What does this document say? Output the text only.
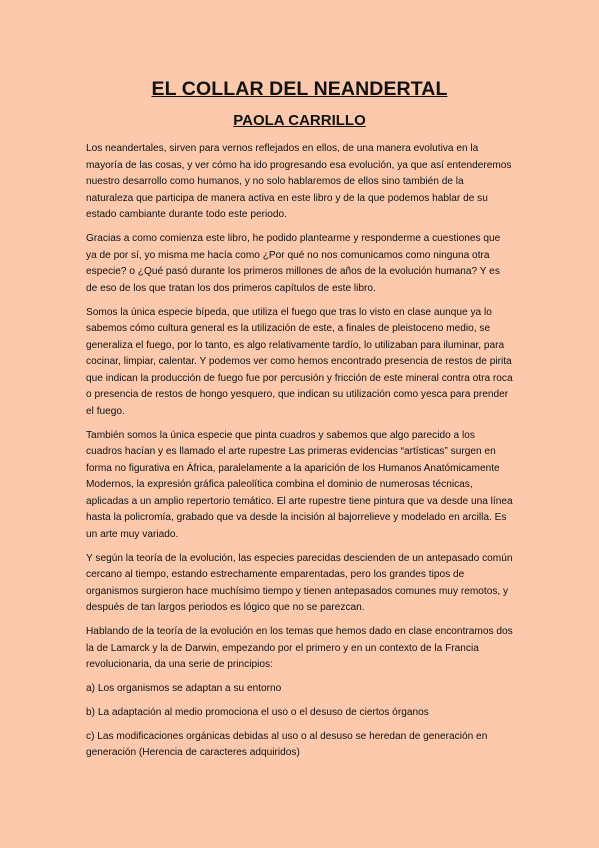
EL COLLAR DEL NEANDERTAL
PAOLA CARRILLO

Los neandertales, sirven para vernos reflejados en ellos, de una manera evolutiva en la mayoría de las cosas, y ver cómo ha ido progresando esa evolución, ya que así entenderemos nuestro desarrollo como humanos, y no solo hablaremos de ellos sino también de la naturaleza que participa de manera activa en este libro y de la que podemos hablar de su estado cambiante durante todo este periodo.

Gracias a como comienza este libro, he podido plantearme y responderme a cuestiones que ya de por sí, yo misma me hacía como ¿Por qué no nos comunicamos como ninguna otra especie? o ¿Qué pasó durante los primeros millones de años de la evolución humana? Y es de eso de los que tratan los dos primeros capítulos de este libro.

Somos la única especie bípeda, que utiliza el fuego que tras lo visto en clase aunque ya lo sabemos cómo cultura general es la utilización de este, a finales de pleistoceno medio, se generaliza el fuego, por lo tanto, es algo relativamente tardío, lo utilizaban para iluminar, para cocinar, limpiar, calentar. Y podemos ver como hemos encontrado presencia de restos de pirita que indican la producción de fuego fue por percusión y fricción de este mineral contra otra roca o presencia de restos de hongo yesquero, que indican su utilización como yesca para prender el fuego.

También somos la única especie que pinta cuadros y sabemos que algo parecido a los cuadros hacían y es llamado el arte rupestre Las primeras evidencias “artísticas” surgen en forma no figurativa en África, paralelamente a la aparición de los Humanos Anatómicamente Modernos, la expresión gráfica paleolítica combina el dominio de numerosas técnicas, aplicadas a un amplio repertorio temático. El arte rupestre tiene pintura que va desde una línea hasta la policromía, grabado que va desde la incisión al bajorrelieve y modelado en arcilla. Es un arte muy variado.

Y según la teoría de la evolución, las especies parecidas descienden de un antepasado común cercano al tiempo, estando estrechamente emparentadas, pero los grandes tipos de organismos surgieron hace muchísimo tiempo y tienen antepasados comunes muy remotos, y después de tan largos periodos es lógico que no se parezcan.

Hablando de la teoría de la evolución en los temas que hemos dado en clase encontramos dos la de Lamarck y la de Darwin, empezando por el primero y en un contexto de la Francia revolucionaria, da una serie de principios:

a) Los organismos se adaptan a su entorno

b) La adaptación al medio promociona el uso o el desuso de ciertos órganos

c) Las modificaciones orgánicas debidas al uso o al desuso se heredan de generación en generación (Herencia de caracteres adquiridos)
